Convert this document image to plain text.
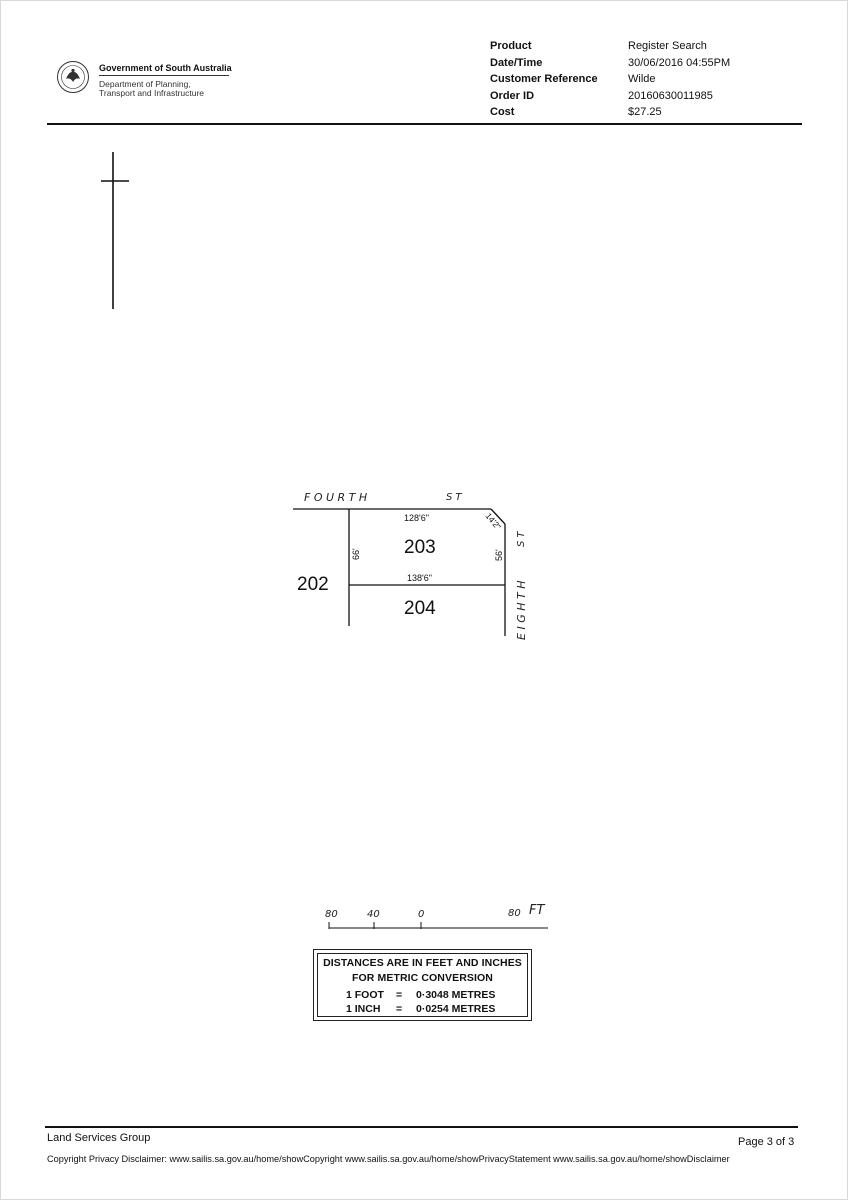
Government of South Australia
Department of Planning,
Transport and Infrastructure
Product	Register Search
Date/Time	30/06/2016 04:55PM
Customer Reference	Wilde
Order ID	20160630011985
Cost	$27.25
FOURTH	ST
EIGHTH
ST
202
203
204
128'6"
138'6"
14'2"
66'	56'
80	40	0	80 FT
DISTANCES ARE IN FEET AND INCHES
FOR METRIC CONVERSION
1 FOOT = 0·3048 METRES
1 INCH = 0·0254 METRES
Land Services Group	Page 3 of 3
Copyright Privacy Disclaimer: www.sailis.sa.gov.au/home/showCopyright www.sailis.sa.gov.au/home/showPrivacyStatement www.sailis.sa.gov.au/home/showDisclaimer
